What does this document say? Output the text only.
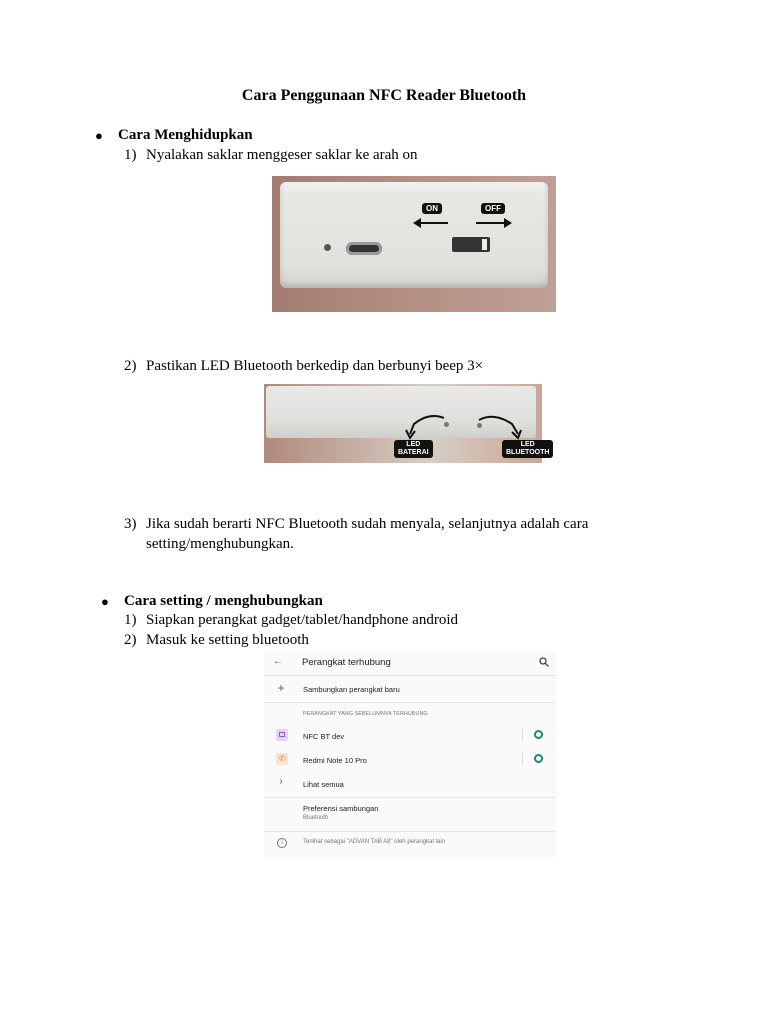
Cara Penggunaan NFC Reader Bluetooth
● Cara Menghidupkan
1) Nyalakan saklar menggeser saklar ke arah on
ON	OFF
2) Pastikan LED Bluetooth berkedip dan berbunyi beep 3×
LED
BATERAI
LED
BLUETOOTH
3) Jika sudah berarti NFC Bluetooth sudah menyala, selanjutnya adalah cara
setting/menghubungkan.
● Cara setting / menghubungkan
1) Siapkan perangkat gadget/tablet/handphone android
2) Masuk ke setting bluetooth
← Perangkat terhubung
+	Sambungkan perangkat baru
PERANGKAT YANG SEBELUMNYA TERHUBUNG
NFC BT dev
✆ Redmi Note 10 Pro
›	Lihat semua
Preferensi sambungan
Bluetooth
i	Terlihat sebagai "ADVAN TAB A8" oleh perangkat lain
